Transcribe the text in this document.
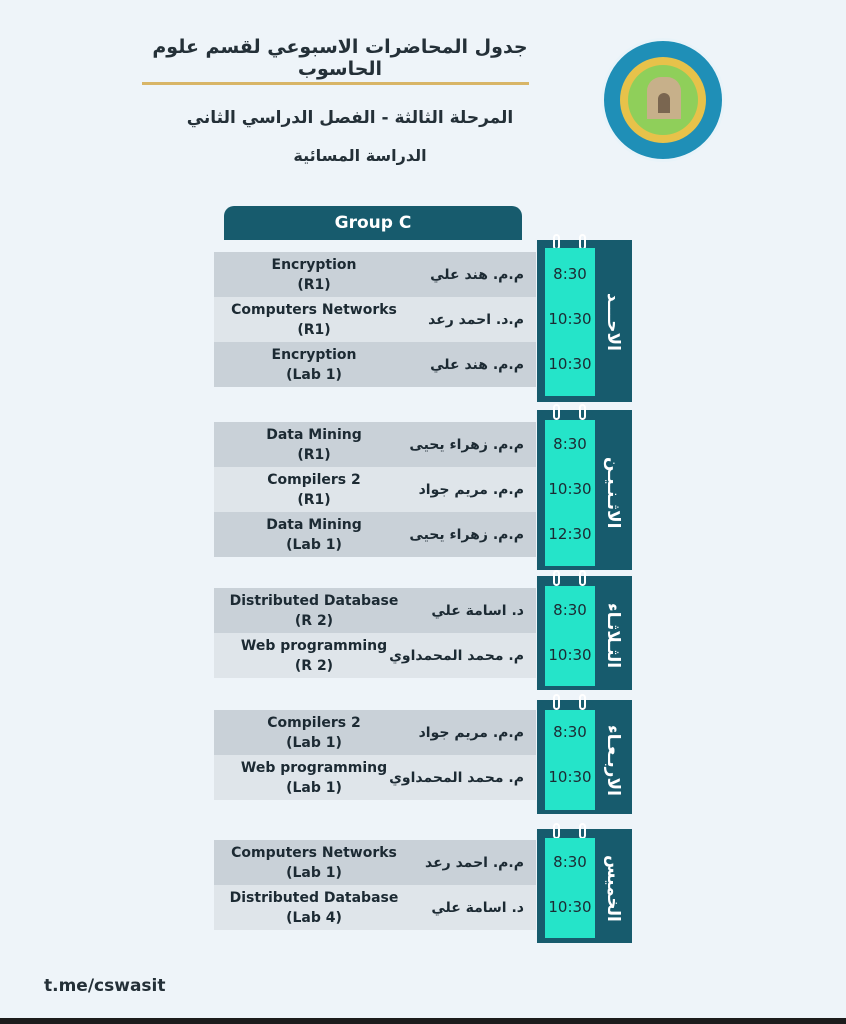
جدول المحاضرات الاسبوعي لقسم علوم الحاسوب
المرحلة الثالثة - الفصل الدراسي الثاني
الدراسة المسائية
Group C
8:30
10:30
10:30
الاحـــد
Encryption
(R1)
م.م. هند علي
Computers Networks
(R1)
م.د. احمد رعد
Encryption
(Lab 1)
م.م. هند علي
8:30
10:30
12:30
الاثـنـيـن
Data Mining
(R1)
م.م. زهراء يحيى
Compilers 2
(R1)
م.م. مريم جواد
Data Mining
(Lab 1)
م.م. زهراء يحيى
8:30
10:30 الثـلاثـاء
Distributed Database
(R 2)
د. اسامة علي
Web programming
(R 2)
م. محمد المحمداوي
8:30
10:30 الاربـعـاء
Compilers 2
(Lab 1)
م.م. مريم جواد
Web programming
(Lab 1)
م. محمد المحمداوي
8:30
10:30 الخميس
Computers Networks
(Lab 1)
م.م. احمد رعد
Distributed Database
(Lab 4)
د. اسامة علي
t.me/cswasit
